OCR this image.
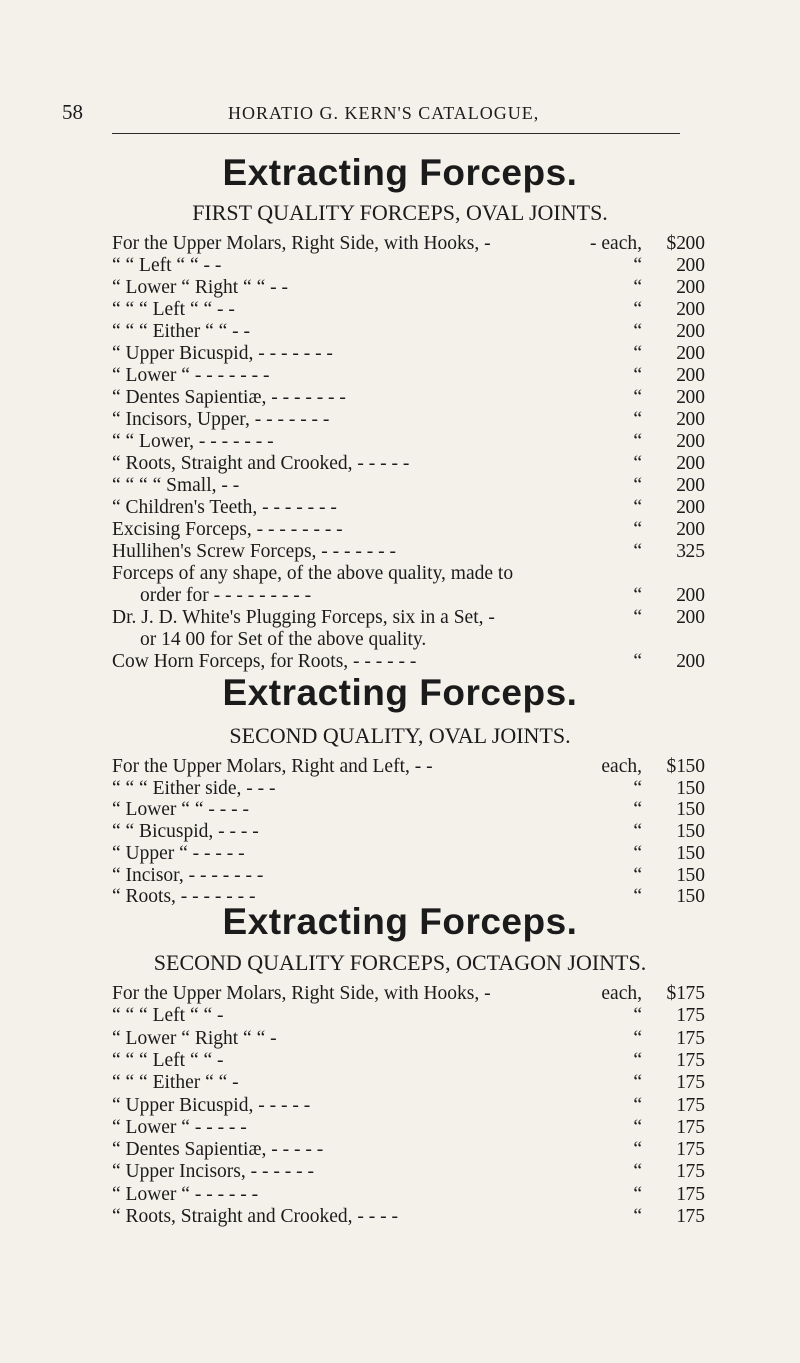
58	HORATIO G. KERN'S CATALOGUE,
Extracting Forceps.
FIRST QUALITY FORCEPS, OVAL JOINTS.
For the Upper Molars, Right Side, with Hooks, -	- each,	$2 00
“ “ Left “ “ - -	“	2 00
“ Lower “ Right “ “ - -	“	2 00
“ “ “ Left “ “ - -	“	2 00
“ “ “ Either “ “ - -	“	2 00
“ Upper Bicuspid, - - - - - - -	“	2 00
“ Lower “ - - - - - - -	“	2 00
“ Dentes Sapientiæ, - - - - - - -	“	2 00
“ Incisors, Upper, - - - - - - -	“	2 00
“ “ Lower, - - - - - - -	“	2 00
“ Roots, Straight and Crooked, - - - - -	“	2 00
“ “ “ “ Small, - -	“	2 00
“ Children's Teeth, - - - - - - -	“	2 00
Excising Forceps, - - - - - - - -	“	2 00
Hullihen's Screw Forceps, - - - - - - -	“	3 25
Forceps of any shape, of the above quality, made to
order for - - - - - - - - -	“	2 00
Dr. J. D. White's Plugging Forceps, six in a Set, -	“	2 00
or 14 00 for Set of the above quality.
Cow Horn Forceps, for Roots, - - - - - -	“	2 00
Extracting Forceps.
SECOND QUALITY, OVAL JOINTS.
For the Upper Molars, Right and Left, - -	each,	$1 50
“ “ “ Either side, - - -	“	1 50
“ Lower “ “ - - - -	“	1 50
“ “ Bicuspid, - - - -	“	1 50
“ Upper “ - - - - -	“	1 50
“ Incisor, - - - - - - -	“	1 50
“ Roots, - - - - - - -	“	1 50
Extracting Forceps.
SECOND QUALITY FORCEPS, OCTAGON JOINTS.
For the Upper Molars, Right Side, with Hooks, -	each,	$1 75
“ “ “ Left “ “ -	“	1 75
“ Lower “ Right “ “ -	“	1 75
“ “ “ Left “ “ -	“	1 75
“ “ “ Either “ “ -	“	1 75
“ Upper Bicuspid, - - - - -	“	1 75
“ Lower “ - - - - -	“	1 75
“ Dentes Sapientiæ, - - - - -	“	1 75
“ Upper Incisors, - - - - - -	“	1 75
“ Lower “ - - - - - -	“	1 75
“ Roots, Straight and Crooked, - - - -	“	1 75
